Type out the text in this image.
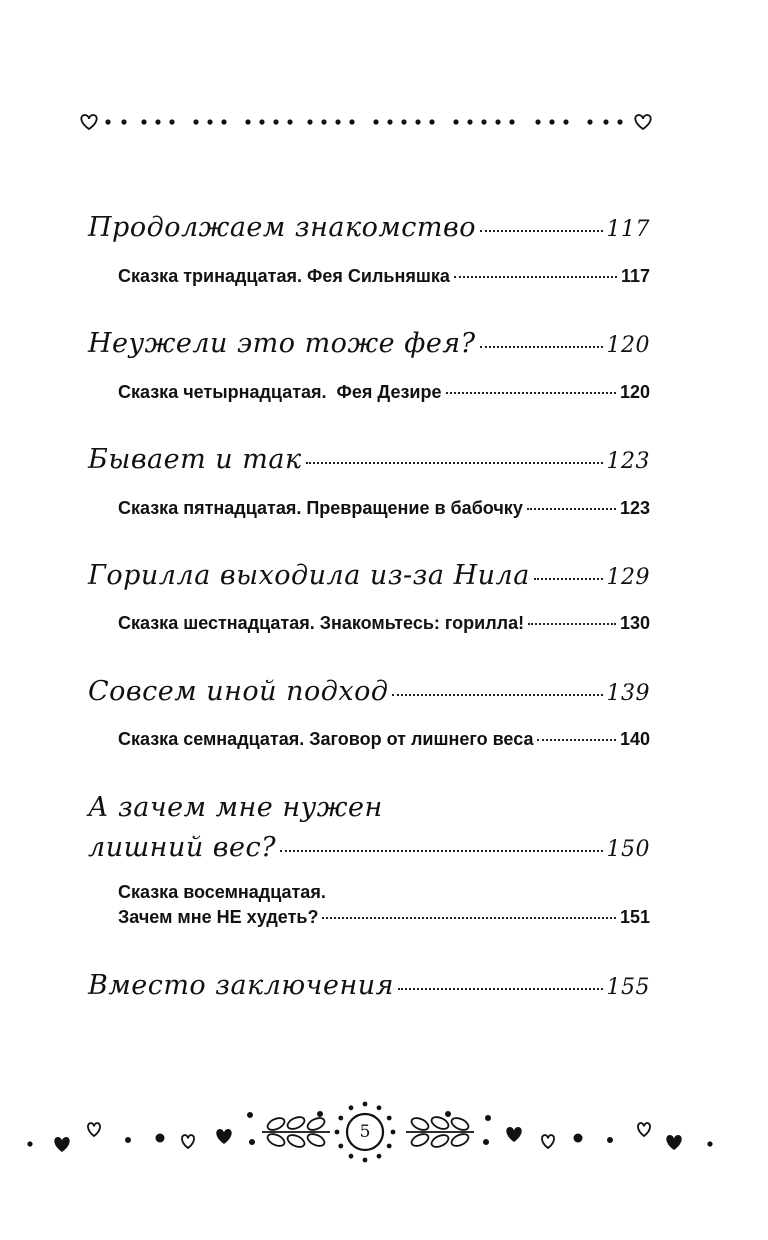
Продолжаем знакомство	117
Сказка тринадцатая. Фея Сильняшка	117
Неужели это тоже фея?	120
Сказка четырнадцатая.  Фея Дезире	120
Бывает и так	123
Сказка пятнадцатая. Превращение в бабочку	123
Горилла выходила из-за Нила	129
Сказка шестнадцатая. Знакомьтесь: горилла!	130
Совсем иной подход	139
Сказка семнадцатая. Заговор от лишнего веса	140
А зачем мне нужен
лишний вес?	150
Сказка восемнадцатая.
Зачем мне НЕ худеть?	151
Вместо заключения	155
5
